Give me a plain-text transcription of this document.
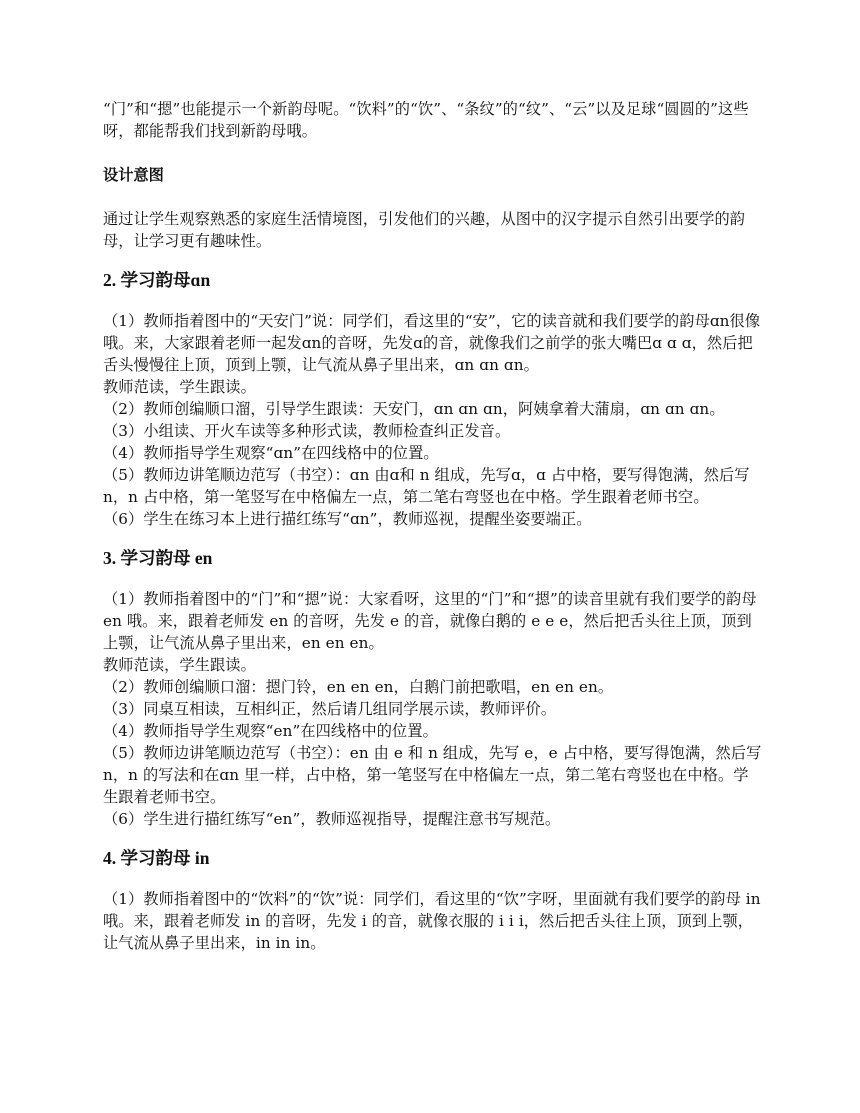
“门”和“摁”也能提示一个新韵母呢。“饮料”的“饮”、“条纹”的“纹”、“云”以及足球“圆圆的”这些呀，都能帮我们找到新韵母哦。

设计意图

通过让学生观察熟悉的家庭生活情境图，引发他们的兴趣，从图中的汉字提示自然引出要学的韵母，让学习更有趣味性。

2. 学习韵母ɑn

（1）教师指着图中的“天安门”说：同学们，看这里的“安”，它的读音就和我们要学的韵母ɑn很像哦。来，大家跟着老师一起发ɑn的音呀，先发ɑ的音，就像我们之前学的张大嘴巴ɑ ɑ ɑ，然后把舌头慢慢往上顶，顶到上颚，让气流从鼻子里出来，ɑn ɑn ɑn。

教师范读，学生跟读。

（2）教师创编顺口溜，引导学生跟读：天安门，ɑn ɑn ɑn，阿姨拿着大蒲扇，ɑn ɑn ɑn。

（3）小组读、开火车读等多种形式读，教师检查纠正发音。

（4）教师指导学生观察“ɑn”在四线格中的位置。

（5）教师边讲笔顺边范写（书空）：ɑn 由ɑ和 n 组成，先写ɑ，ɑ 占中格，要写得饱满，然后写 n，n 占中格，第一笔竖写在中格偏左一点，第二笔右弯竖也在中格。学生跟着老师书空。

（6）学生在练习本上进行描红练写“ɑn”，教师巡视，提醒坐姿要端正。

3. 学习韵母 en

（1）教师指着图中的“门”和“摁”说：大家看呀，这里的“门”和“摁”的读音里就有我们要学的韵母 en 哦。来，跟着老师发 en 的音呀，先发 e 的音，就像白鹅的 e e e，然后把舌头往上顶，顶到上颚，让气流从鼻子里出来，en en en。

教师范读，学生跟读。

（2）教师创编顺口溜：摁门铃，en en en，白鹅门前把歌唱，en en en。

（3）同桌互相读，互相纠正，然后请几组同学展示读，教师评价。

（4）教师指导学生观察“en”在四线格中的位置。

（5）教师边讲笔顺边范写（书空）：en 由 e 和 n 组成，先写 e，e 占中格，要写得饱满，然后写 n，n 的写法和在ɑn 里一样，占中格，第一笔竖写在中格偏左一点，第二笔右弯竖也在中格。学生跟着老师书空。

（6）学生进行描红练写“en”，教师巡视指导，提醒注意书写规范。

4. 学习韵母 in

（1）教师指着图中的“饮料”的“饮”说：同学们，看这里的“饮”字呀，里面就有我们要学的韵母 in 哦。来，跟着老师发 in 的音呀，先发 i 的音，就像衣服的 i i i，然后把舌头往上顶，顶到上颚，让气流从鼻子里出来，in in in。
